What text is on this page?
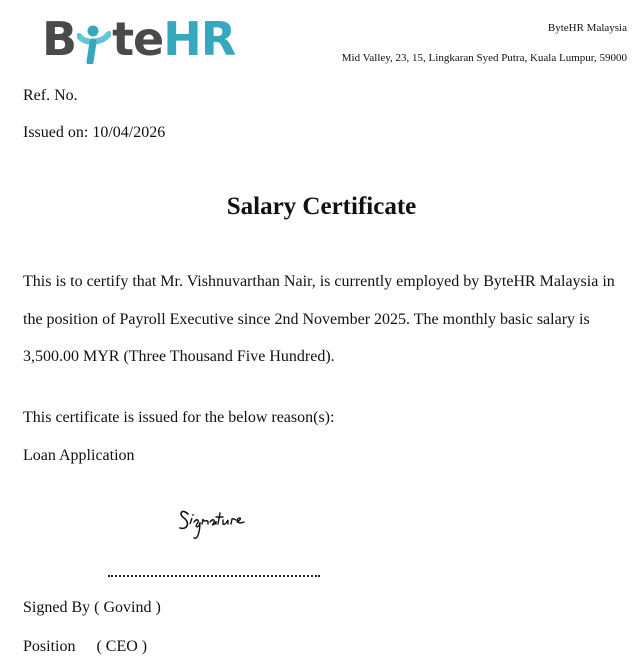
B te HR	ByteHR Malaysia
Mid Valley, 23, 15, Lingkaran Syed Putra, Kuala Lumpur, 59000
Ref. No.
Issued on: 10/04/2026
Salary Certificate
This is to certify that Mr. Vishnuvarthan Nair, is currently employed by ByteHR Malaysia in the position of Payroll Executive since 2nd November 2025. The monthly basic salary is 3,500.00 MYR (Three Thousand Five Hundred).
This certificate is issued for the below reason(s):
Loan Application
Signed By ( Govind )
Position ( CEO )
